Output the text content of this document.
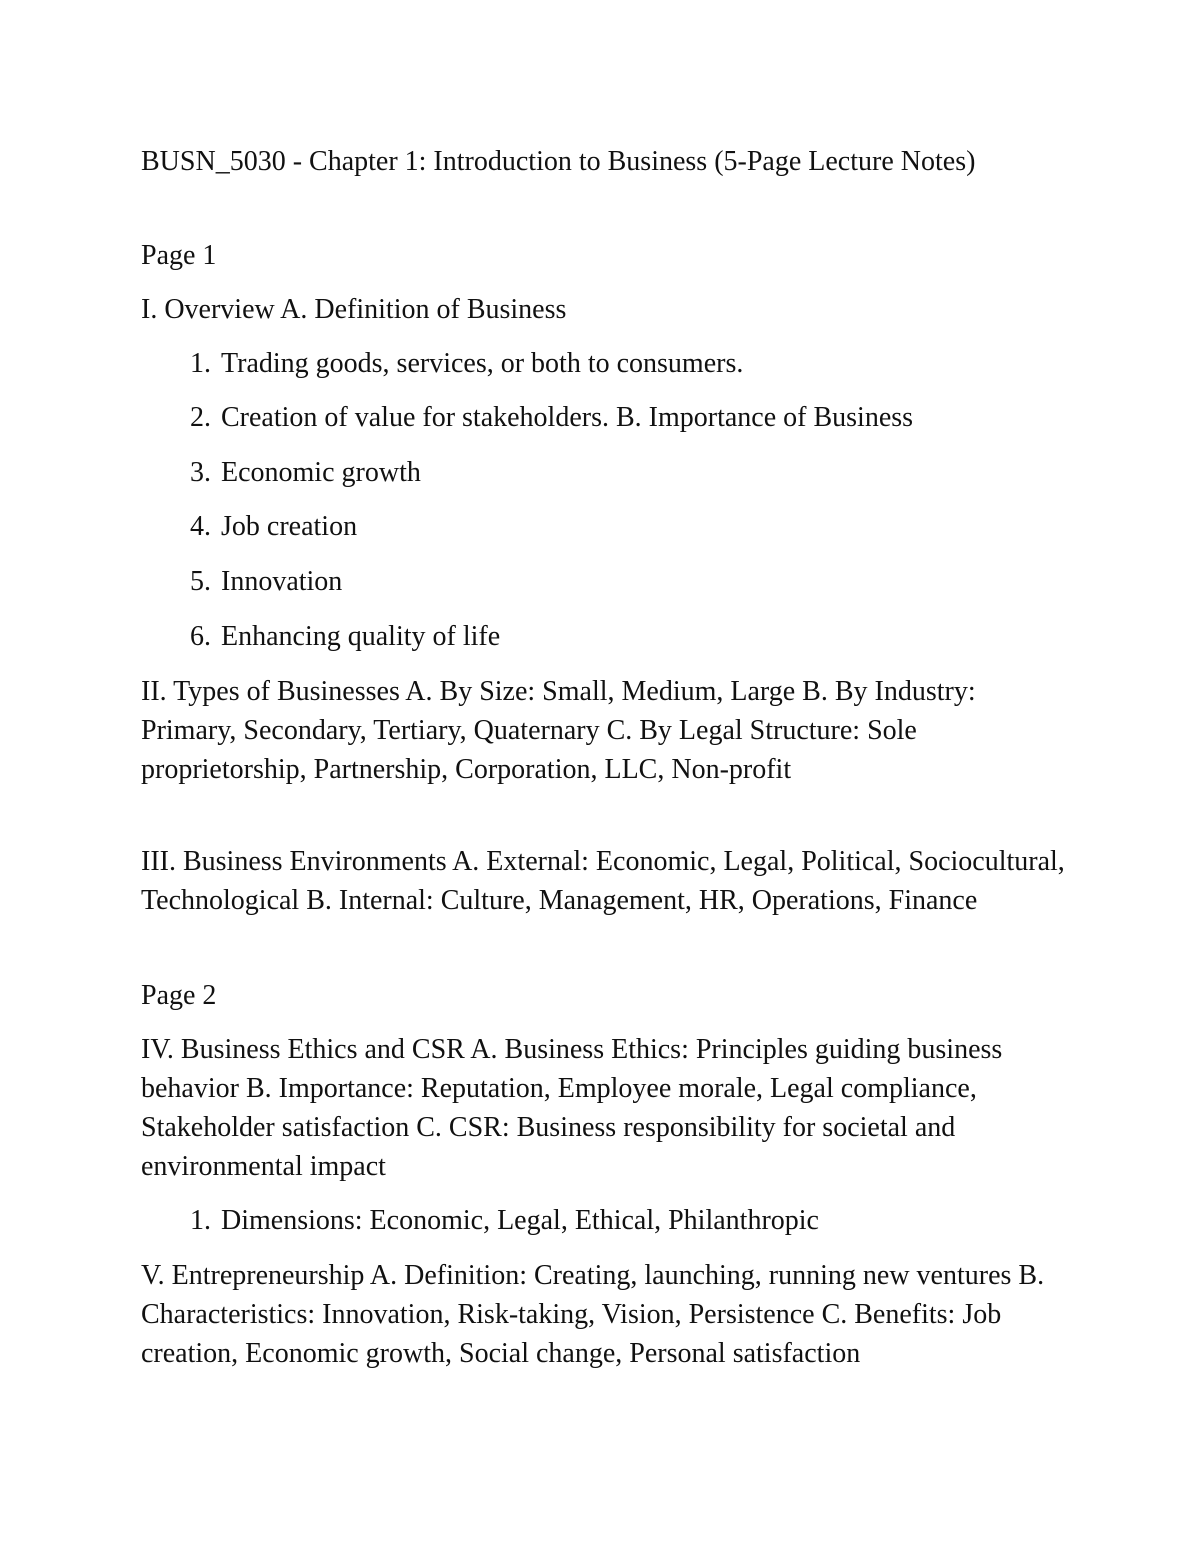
BUSN_5030 - Chapter 1: Introduction to Business (5-Page Lecture Notes)

Page 1

I. Overview A. Definition of Business

1. Trading goods, services, or both to consumers.

2. Creation of value for stakeholders. B. Importance of Business

3. Economic growth

4. Job creation

5. Innovation

6. Enhancing quality of life

II. Types of Businesses A. By Size: Small, Medium, Large B. By Industry: Primary, Secondary, Tertiary, Quaternary C. By Legal Structure: Sole proprietorship, Partnership, Corporation, LLC, Non-profit

III. Business Environments A. External: Economic, Legal, Political, Sociocultural, Technological B. Internal: Culture, Management, HR, Operations, Finance

Page 2

IV. Business Ethics and CSR A. Business Ethics: Principles guiding business behavior B. Importance: Reputation, Employee morale, Legal compliance, Stakeholder satisfaction C. CSR: Business responsibility for societal and environmental impact

1. Dimensions: Economic, Legal, Ethical, Philanthropic

V. Entrepreneurship A. Definition: Creating, launching, running new ventures B. Characteristics: Innovation, Risk-taking, Vision, Persistence C. Benefits: Job creation, Economic growth, Social change, Personal satisfaction
